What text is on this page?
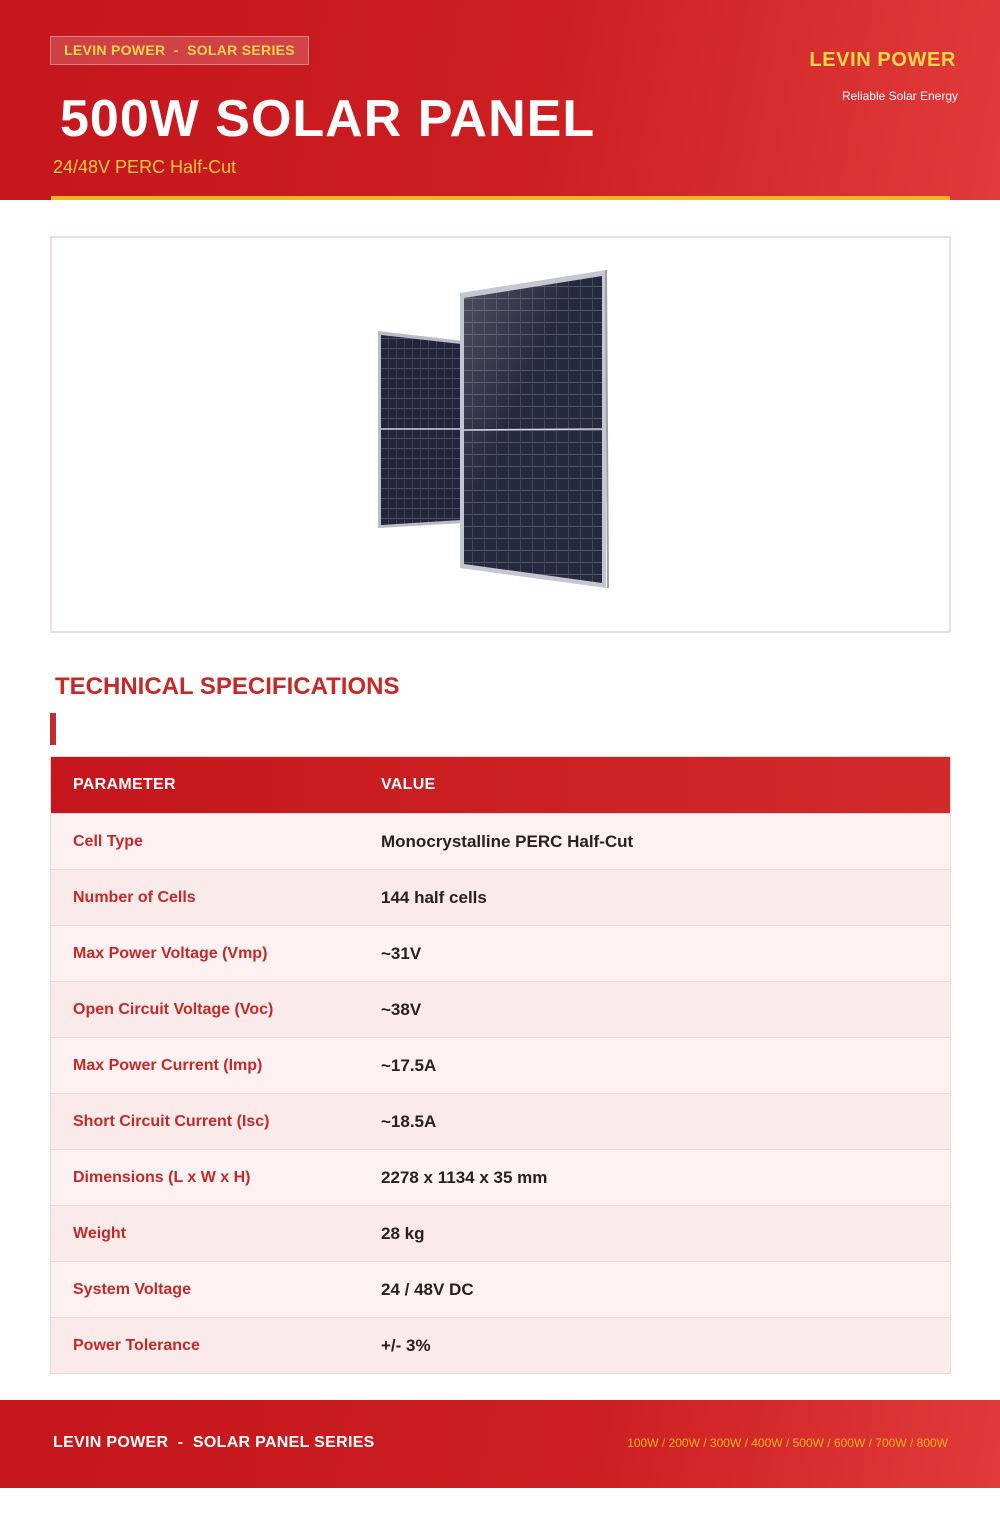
LEVIN POWER  -  SOLAR SERIES
500W SOLAR PANEL
24/48V PERC Half-Cut
LEVIN POWER
Reliable Solar Energy
TECHNICAL SPECIFICATIONS
PARAMETER	VALUE
Cell Type	Monocrystalline PERC Half-Cut
Number of Cells	144 half cells
Max Power Voltage (Vmp)	~31V
Open Circuit Voltage (Voc)	~38V
Max Power Current (Imp)	~17.5A
Short Circuit Current (Isc)	~18.5A
Dimensions (L x W x H)	2278 x 1134 x 35 mm
Weight	28 kg
System Voltage	24 / 48V DC
Power Tolerance	+/- 3%
LEVIN POWER  -  SOLAR PANEL SERIES	100W / 200W / 300W / 400W / 500W / 600W / 700W / 800W
